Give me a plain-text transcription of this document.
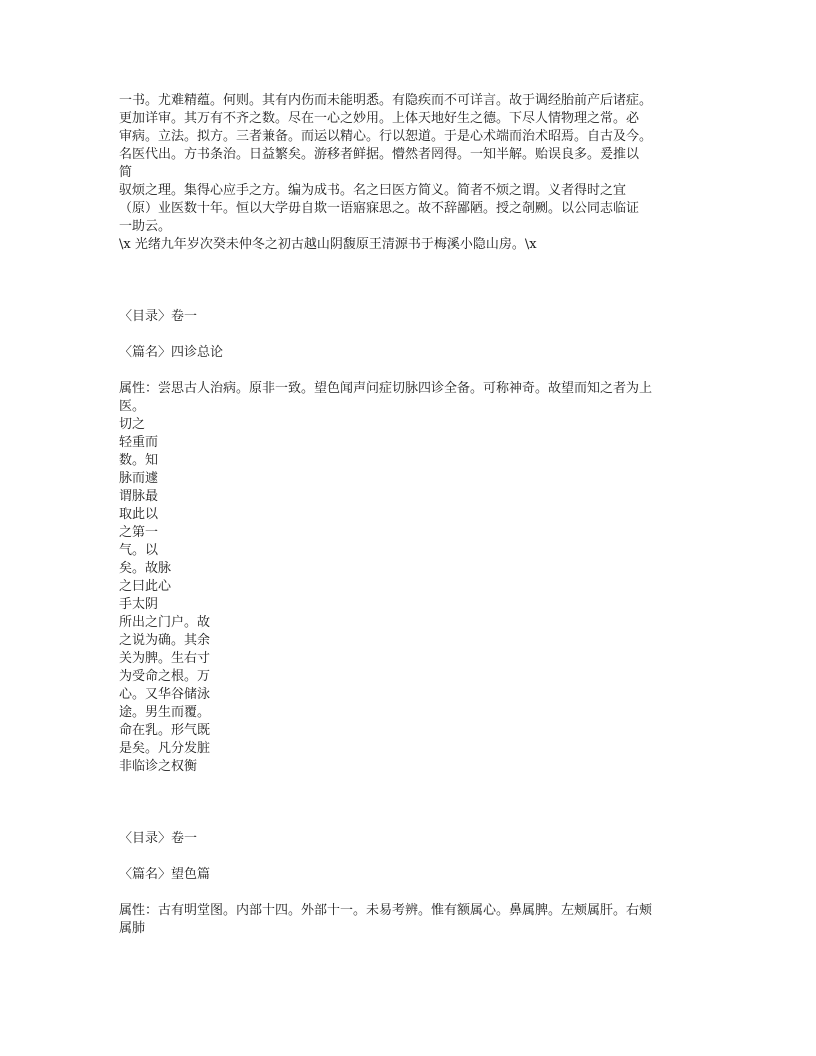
一书。尤难精蕴。何则。其有内伤而未能明悉。有隐疾而不可详言。故于调经胎前产后诸症。
更加详审。其万有不齐之数。尽在一心之妙用。上体天地好生之德。下尽人情物理之常。必
审病。立法。拟方。三者兼备。而运以精心。行以恕道。于是心术端而治术昭焉。自古及今。
名医代出。方书条治。日益繁矣。游移者鲜据。懵然者罔得。一知半解。贻误良多。爰推以
简
驭烦之理。集得心应手之方。编为成书。名之曰医方简义。简者不烦之谓。义者得时之宜
（原）业医数十年。恒以大学毋自欺一语寤寐思之。故不辞鄙陋。授之剞劂。以公同志临证
一助云。
\x 光绪九年岁次癸未仲冬之初古越山阴馥原王清源书于梅溪小隐山房。\x
〈目录〉卷一
〈篇名〉四诊总论
属性：尝思古人治病。原非一致。望色闻声问症切脉四诊全备。可称神奇。故望而知之者为上
医。
切之
轻重而
数。知
脉而遽
谓脉最
取此以
之第一
气。以
矣。故脉
之曰此心
手太阴
所出之门户。故
之说为确。其余
关为脾。生右寸
为受命之根。万
心。又华谷储泳
途。男生而覆。
命在乳。形气既
是矣。凡分发脏
非临诊之权衡
〈目录〉卷一
〈篇名〉望色篇
属性：古有明堂图。内部十四。外部十一。未易考辨。惟有额属心。鼻属脾。左颊属肝。右颊
属肺
